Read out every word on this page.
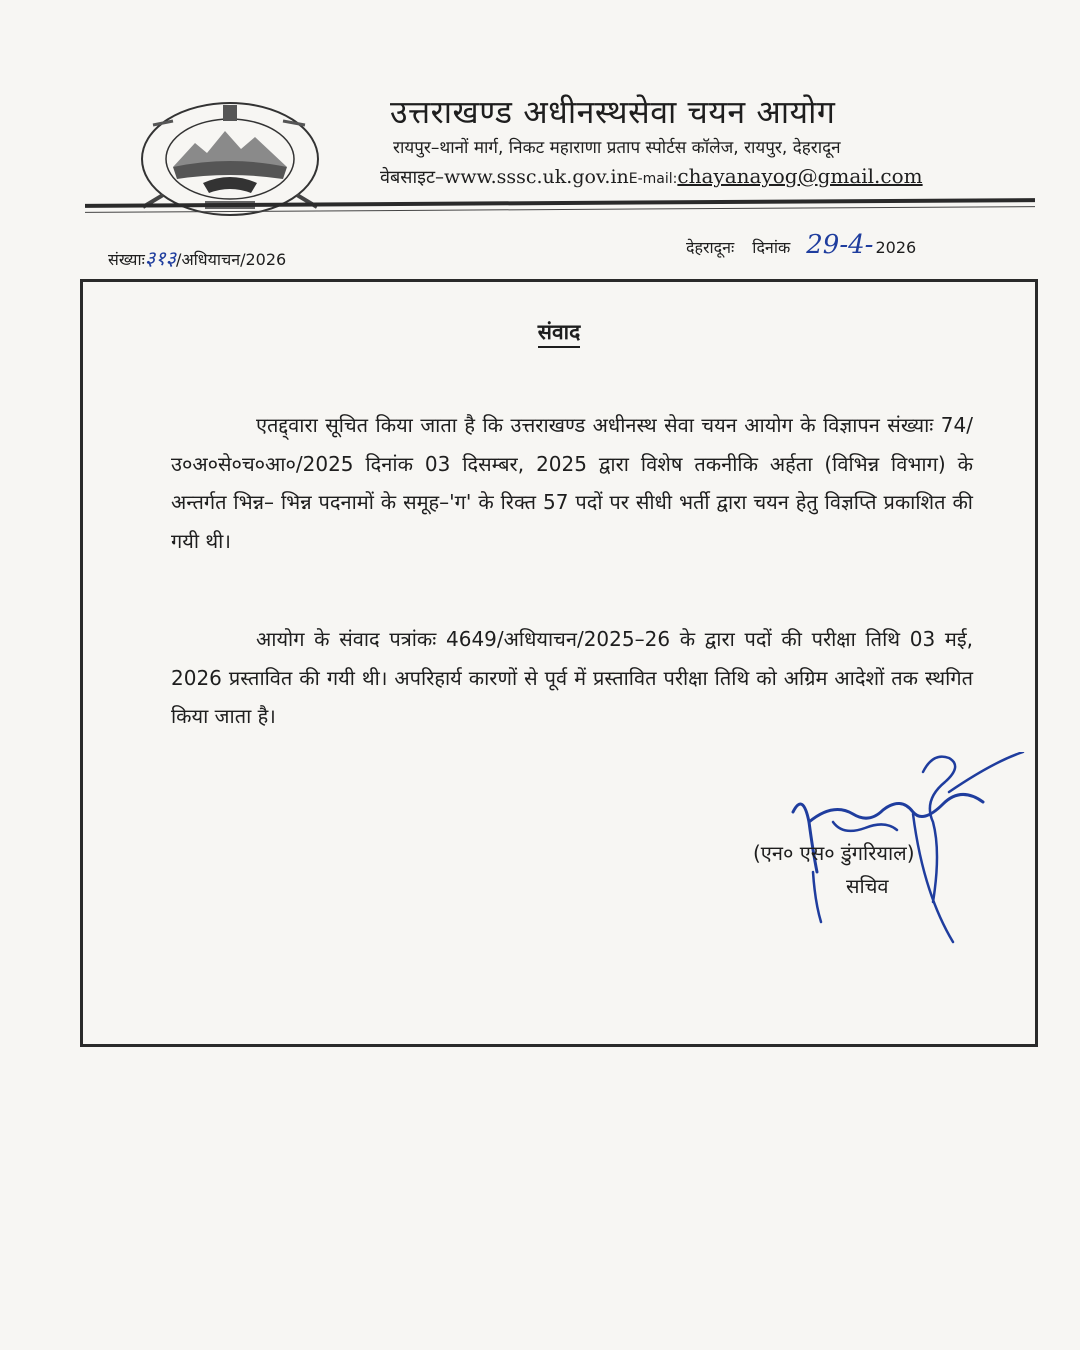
उत्तराखण्ड अधीनस्थसेवा चयन आयोग
रायपुर–थानों मार्ग, निकट महाराणा प्रताप स्पोर्टस कॉलेज, रायपुर, देहरादून
वेबसाइट–www.sssc.uk.gov.inE-mail:chayanayog@gmail.com
संख्याः३१३/अधियाचन/2026
देहरादूनः दिनांक 29-4- 2026
संवाद

एतद्द्वारा सूचित किया जाता है कि उत्तराखण्ड अधीनस्थ सेवा चयन आयोग के विज्ञापन संख्याः 74/उ०अ०से०च०आ०/2025 दिनांक 03 दिसम्बर, 2025 द्वारा विशेष तकनीकि अर्हता (विभिन्न विभाग) के अन्तर्गत भिन्न– भिन्न पदनामों के समूह–'ग' के रिक्त 57 पदों पर सीधी भर्ती द्वारा चयन हेतु विज्ञप्ति प्रकाशित की गयी थी।

आयोग के संवाद पत्रांकः 4649/अधियाचन/2025–26 के द्वारा पदों की परीक्षा तिथि 03 मई, 2026 प्रस्तावित की गयी थी। अपरिहार्य कारणों से पूर्व में प्रस्तावित परीक्षा तिथि को अग्रिम आदेशों तक स्थगित किया जाता है।

(एन० एस० डुंगरियाल)
सचिव
